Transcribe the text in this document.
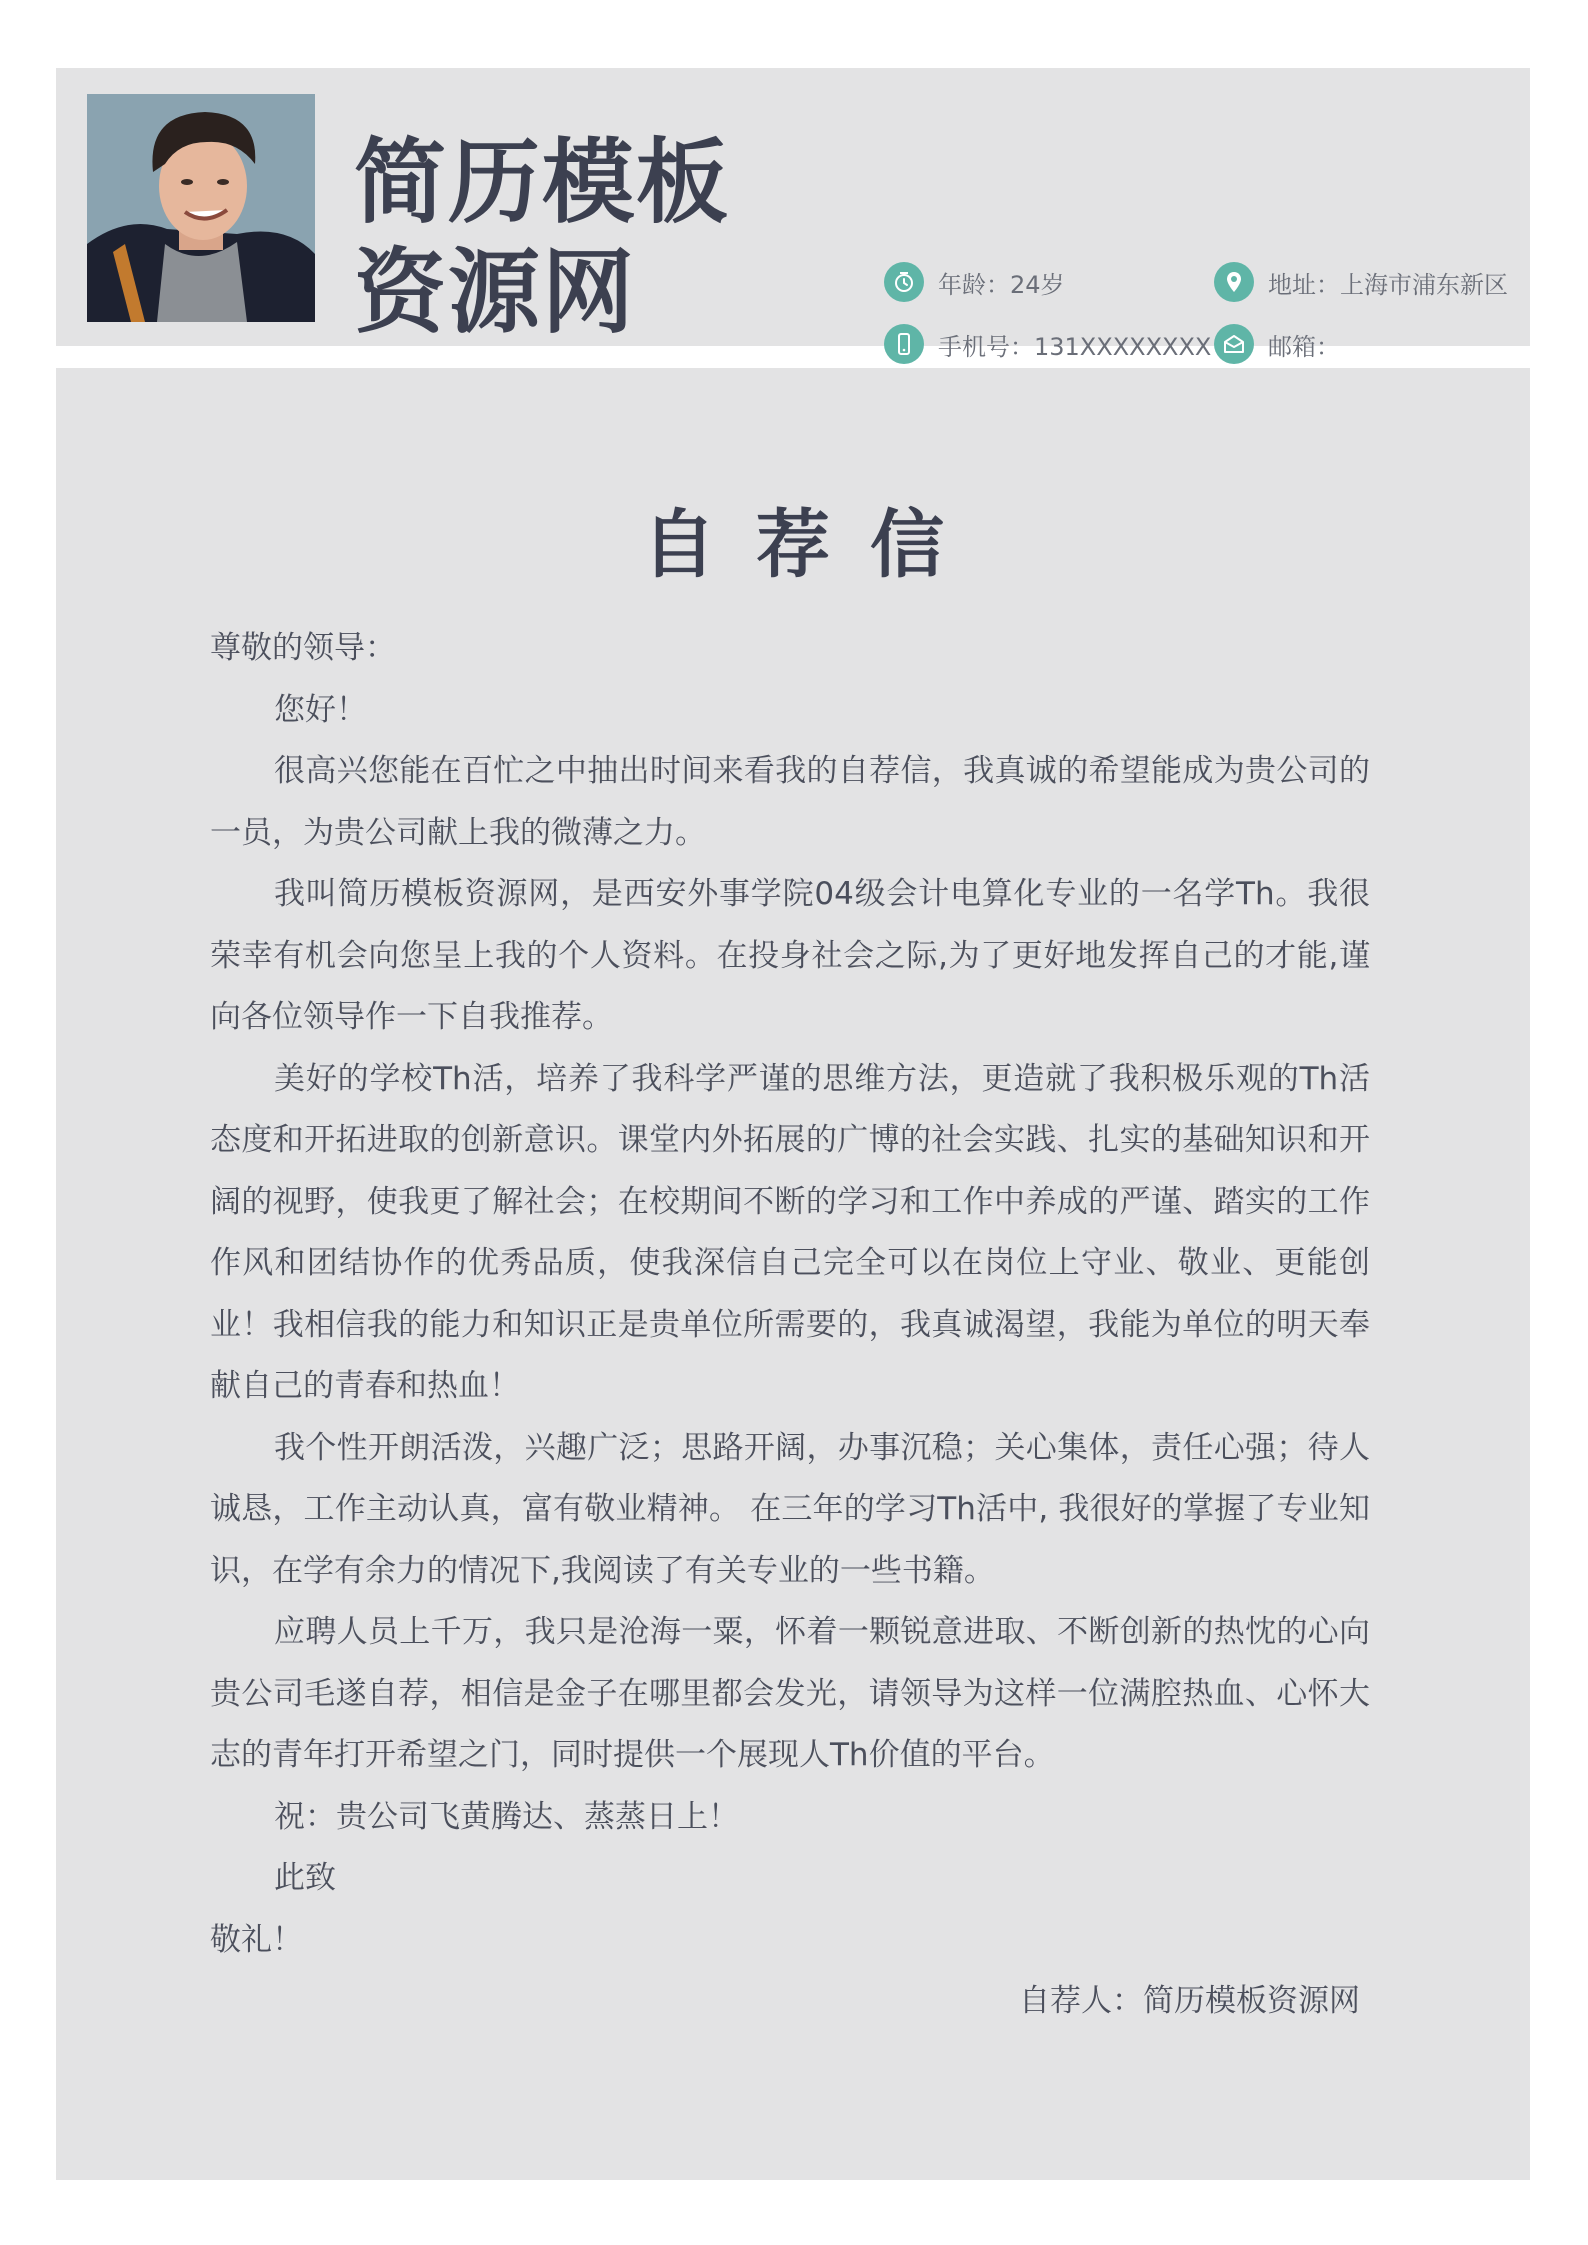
简历模板
资源网	年龄：24岁	地址：上海市浦东新区
手机号：131XXXXXXXX 邮箱：
自荐信

尊敬的领导：

您好！

很高兴您能在百忙之中抽出时间来看我的自荐信，我真诚的希望能成为贵公司的一员，为贵公司献上我的微薄之力。

我叫简历模板资源网，是西安外事学院04级会计电算化专业的一名学Th。我很荣幸有机会向您呈上我的个人资料。在投身社会之际,为了更好地发挥自己的才能,谨向各位领导作一下自我推荐。

美好的学校Th活，培养了我科学严谨的思维方法，更造就了我积极乐观的Th活态度和开拓进取的创新意识。课堂内外拓展的广博的社会实践、扎实的基础知识和开阔的视野，使我更了解社会；在校期间不断的学习和工作中养成的严谨、踏实的工作作风和团结协作的优秀品质，使我深信自己完全可以在岗位上守业、敬业、更能创业！我相信我的能力和知识正是贵单位所需要的，我真诚渴望，我能为单位的明天奉献自己的青春和热血！

我个性开朗活泼，兴趣广泛；思路开阔，办事沉稳；关心集体，责任心强；待人诚恳，工作主动认真，富有敬业精神。 在三年的学习Th活中, 我很好的掌握了专业知识，在学有余力的情况下,我阅读了有关专业的一些书籍。

应聘人员上千万，我只是沧海一粟，怀着一颗锐意进取、不断创新的热忱的心向贵公司毛遂自荐，相信是金子在哪里都会发光，请领导为这样一位满腔热血、心怀大志的青年打开希望之门，同时提供一个展现人Th价值的平台。

祝：贵公司飞黄腾达、蒸蒸日上！

此致

敬礼！

自荐人：简历模板资源网
